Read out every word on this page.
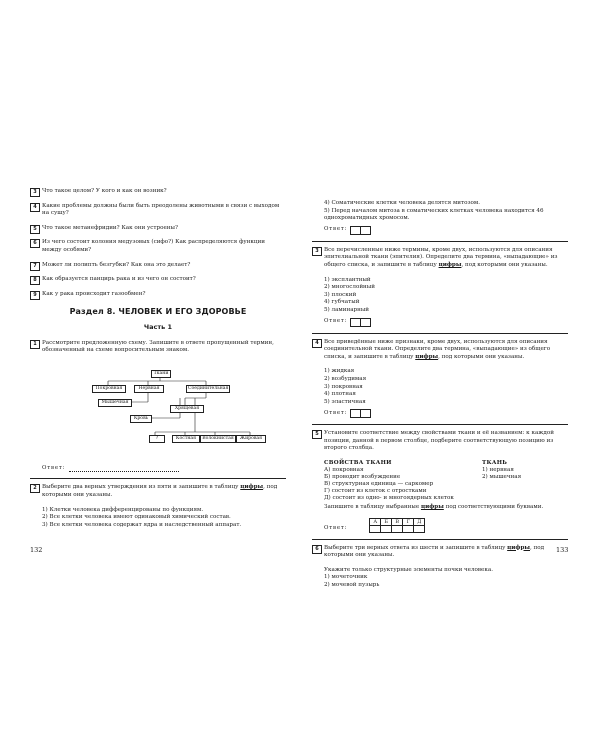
3 Что такое целом? У кого и как он возник?
4 Какие проблемы должны были быть преодолены животными в связи с выходом на сушу?
5 Что такое метанефридии? Как они устроены?
6 Из чего состоит колония медузовых (сифо?) Как распределяются функции между особями?
7 Может ли полипть безгубки? Как она это делает?
8 Как образуется панцирь рака и из чего он состоит?
9 Как у рака происходит газообмен?
Раздел 8. ЧЕЛОВЕК И ЕГО ЗДОРОВЬЕ
Часть 1
1 Рассмотрите предложенную схему. Запишите в ответе пропущенный термин, обозначенный на схеме вопросительным знаком.
Ткани
Покровная	Нервная	Соединительная
Мышечная
Хрящевая
Кровь
?	Костная	Волокнистая	Жировая
Ответ:
2 Выберите два верных утверждения из пяти и запишите в таблицу цифры, под которыми они указаны.
1) Клетки человека дифференцированы по функциям.
2) Все клетки человека имеют одинаковый химический состав.
3) Все клетки человека содержат ядра и наследственный аппарат.
132
4) Соматические клетки человека делятся митозом.
5) Перед началом митоза в соматических клетках человека находится 46 однохроматидных хромосом.
Ответ:
3 Все перечисленные ниже термины, кроме двух, используются для описания эпителиальной ткани (эпителия). Определите два термина, «выпадающие» из общего списка, и запишите в таблицу цифры, под которыми они указаны.
1) эксплантный
2) многослойный
3) плоский
4) губчатый
5) ламинарный
Ответ:
4 Все приведённые ниже признаки, кроме двух, используются для описания соединительной ткани. Определите два термина, «выпадающие» из общего списка, и запишите в таблицу цифры, под которыми они указаны.
1) жидкая
2) возбудимая
3) покровная
4) плотная
5) эластичная
Ответ:
5 Установите соответствие между свойствами ткани и её названием: к каждой позиции, данной в первом столбце, подберите соответствующую позицию из второго столбца.
СВОЙСТВА ТКАНИ	ТКАНЬ
А) покровная
Б) проводит возбуждение
В) структурная единица — саркомер
Г) состоит из клеток с отростками
Д) состоит из одно- и многоядерных клеток
1) нервная
2) мышечная
Запишите в таблицу выбранные цифры под соответствующими буквами.
Ответ:
А	Б	В	Г	Д

6 Выберите три верных ответа из шести и запишите в таблицу цифры, под которыми они указаны.
Укажите только структурные элементы почки человека.
1) мочеточник
2) мочевой пузырь
133
